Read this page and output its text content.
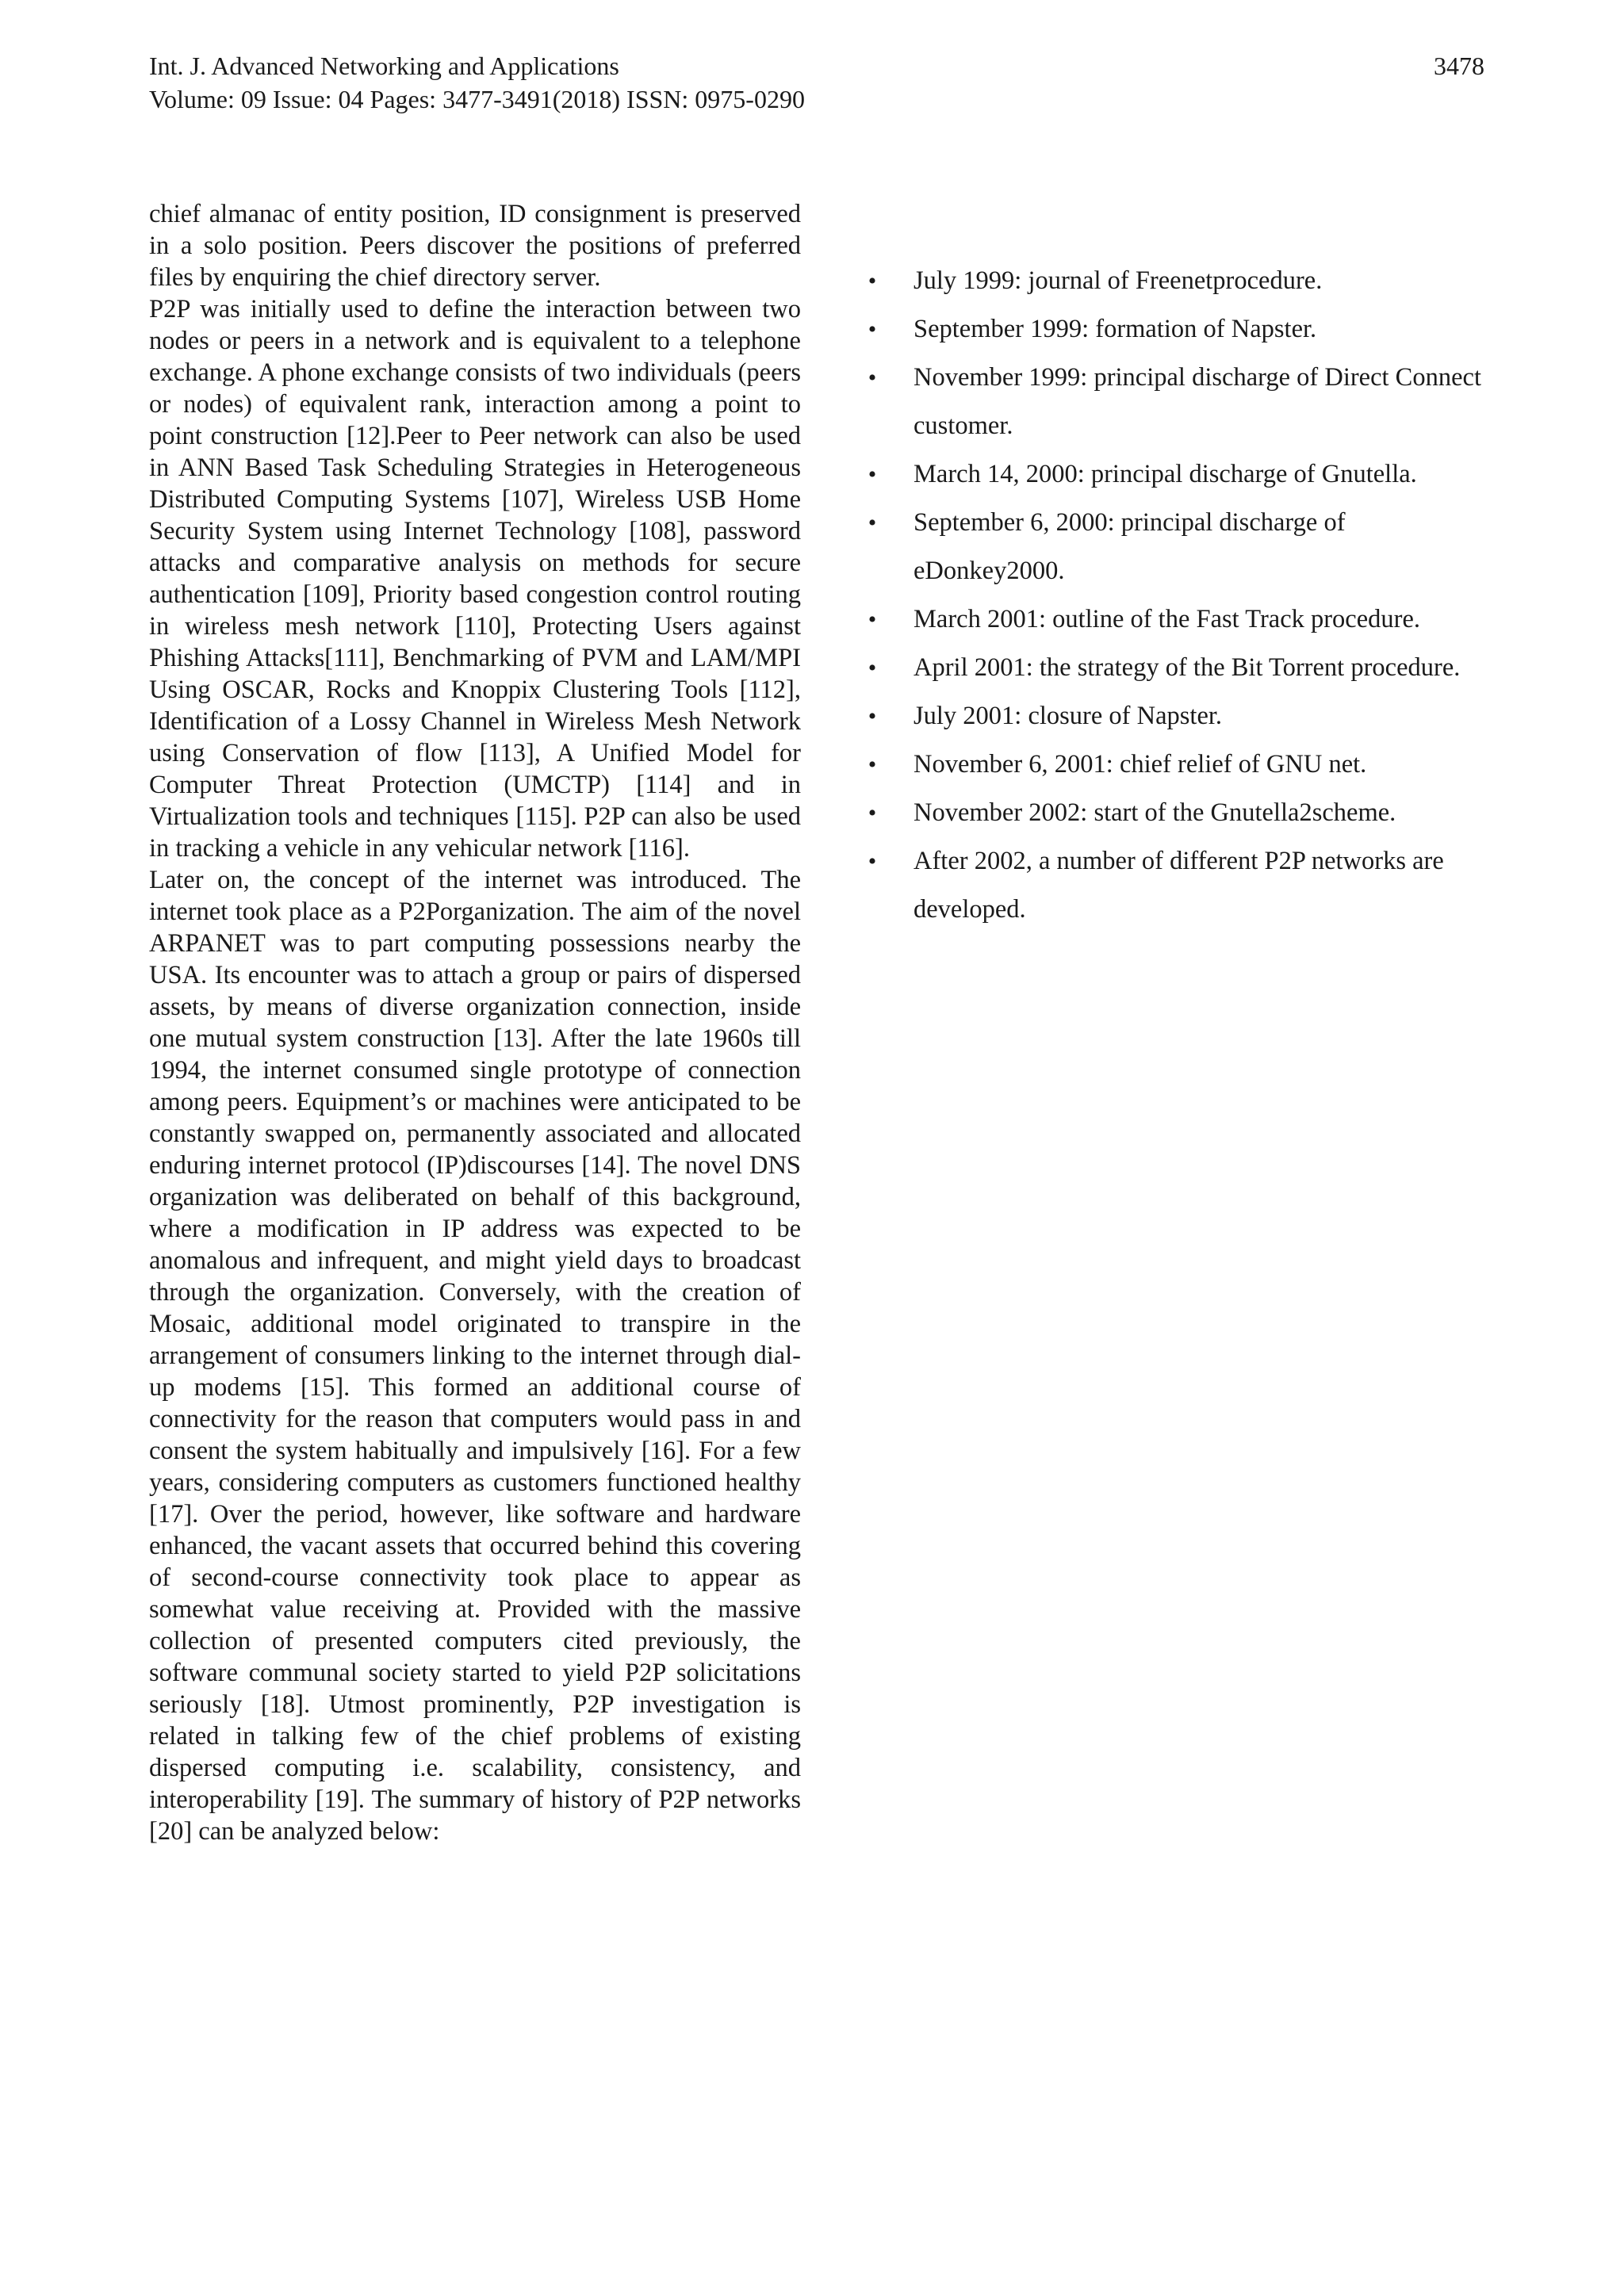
Int. J. Advanced Networking and Applications
Volume: 09 Issue: 04 Pages: 3477-3491(2018) ISSN: 0975-0290
3478

chief almanac of entity position, ID consignment is preserved in a solo position. Peers discover the positions of preferred files by enquiring the chief directory server.

P2P was initially used to define the interaction between two nodes or peers in a network and is equivalent to a telephone exchange. A phone exchange consists of two individuals (peers or nodes) of equivalent rank, interaction among a point to point construction [12].Peer to Peer network can also be used in ANN Based Task Scheduling Strategies in Heterogeneous Distributed Computing Systems [107], Wireless USB Home Security System using Internet Technology [108], password attacks and comparative analysis on methods for secure authentication [109], Priority based congestion control routing in wireless mesh network [110], Protecting Users against Phishing Attacks[111], Benchmarking of PVM and LAM/MPI Using OSCAR, Rocks and Knoppix Clustering Tools [112], Identification of a Lossy Channel in Wireless Mesh Network using Conservation of flow [113], A Unified Model for Computer Threat Protection (UMCTP) [114] and in Virtualization tools and techniques [115]. P2P can also be used in tracking a vehicle in any vehicular network [116].

Later on, the concept of the internet was introduced. The internet took place as a P2Porganization. The aim of the novel ARPANET was to part computing possessions nearby the USA. Its encounter was to attach a group or pairs of dispersed assets, by means of diverse organization connection, inside one mutual system construction [13]. After the late 1960s till 1994, the internet consumed single prototype of connection among peers. Equipment’s or machines were anticipated to be constantly swapped on, permanently associated and allocated enduring internet protocol (IP)discourses [14]. The novel DNS organization was deliberated on behalf of this background, where a modification in IP address was expected to be anomalous and infrequent, and might yield days to broadcast through the organization. Conversely, with the creation of Mosaic, additional model originated to transpire in the arrangement of consumers linking to the internet through dial-up modems [15]. This formed an additional course of connectivity for the reason that computers would pass in and consent the system habitually and impulsively [16]. For a few years, considering computers as customers functioned healthy [17]. Over the period, however, like software and hardware enhanced, the vacant assets that occurred behind this covering of second-course connectivity took place to appear as somewhat value receiving at. Provided with the massive collection of presented computers cited previously, the software communal society started to yield P2P solicitations seriously [18]. Utmost prominently, P2P investigation is related in talking few of the chief problems of existing dispersed computing i.e. scalability, consistency, and interoperability [19]. The summary of history of P2P networks [20] can be analyzed below:

• July 1999: journal of Freenetprocedure.
• September 1999: formation of Napster.
• November 1999: principal discharge of Direct Connect customer.
• March 14, 2000: principal discharge of Gnutella.
• September 6, 2000: principal discharge of eDonkey2000.
• March 2001: outline of the Fast Track procedure.
• April 2001: the strategy of the Bit Torrent procedure.
• July 2001: closure of Napster.
• November 6, 2001: chief relief of GNU net.
• November 2002: start of the Gnutella2scheme.
• After 2002, a number of different P2P networks are developed.
